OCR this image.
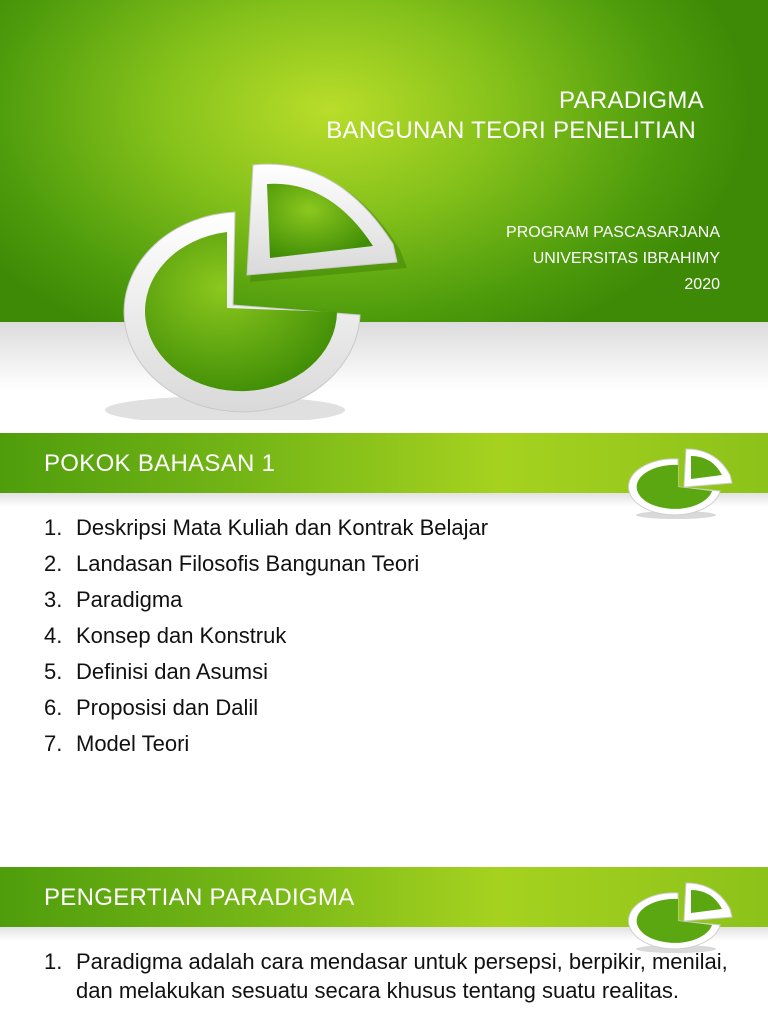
PARADIGMA
BANGUNAN TEORI PENELITIAN
PROGRAM PASCASARJANA
UNIVERSITAS IBRAHIMY
2020
POKOK BAHASAN 1
1. Deskripsi Mata Kuliah dan Kontrak Belajar
2. Landasan Filosofis Bangunan Teori
3. Paradigma
4. Konsep dan Konstruk
5. Definisi dan Asumsi
6. Proposisi dan Dalil
7. Model Teori
PENGERTIAN PARADIGMA
1. Paradigma adalah cara mendasar untuk persepsi, berpikir, menilai, dan melakukan sesuatu secara khusus tentang suatu realitas.
